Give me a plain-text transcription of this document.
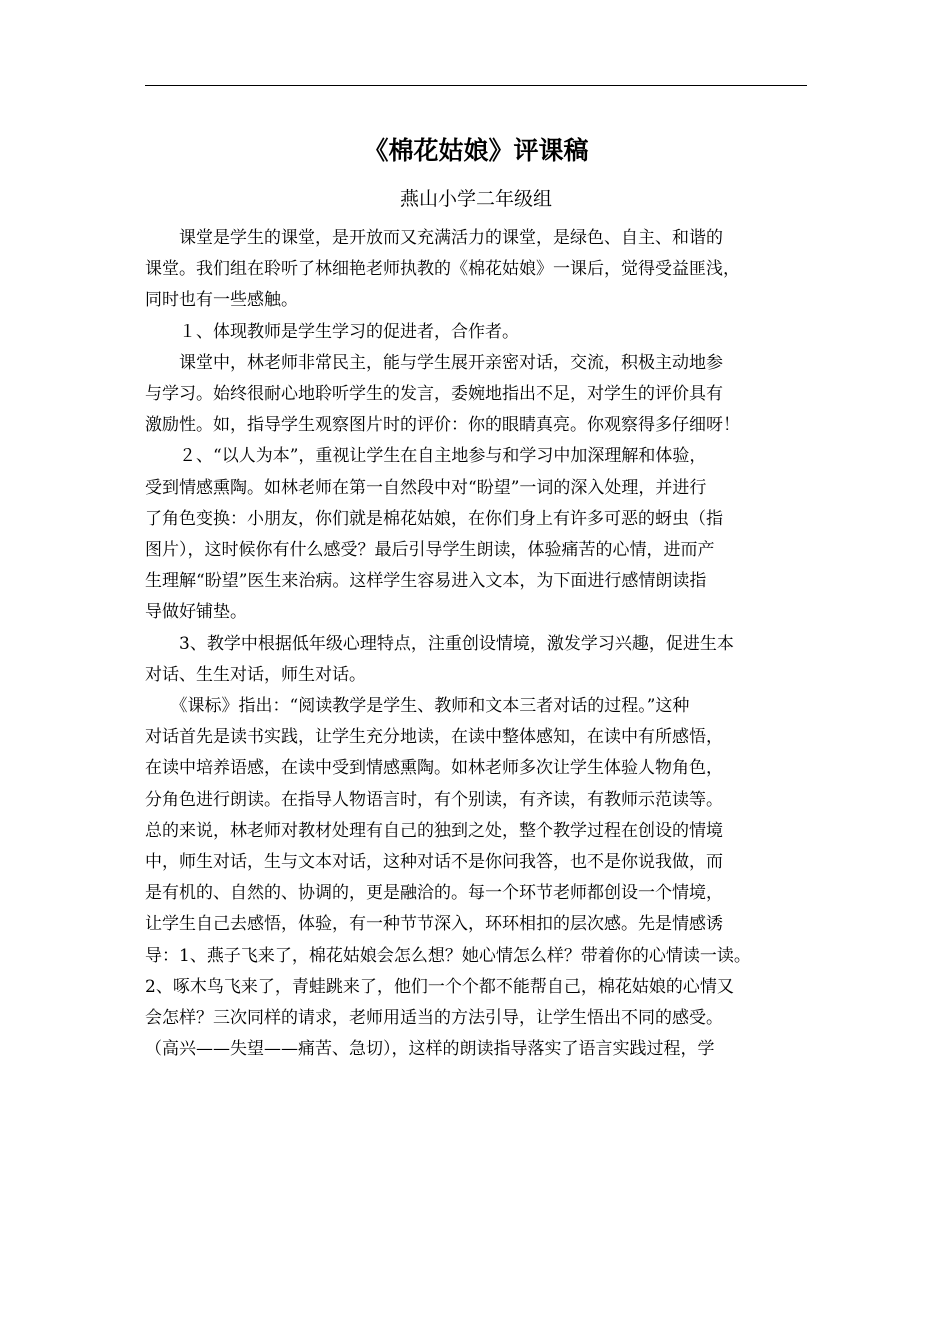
《棉花姑娘》评课稿
燕山小学二年级组

　　课堂是学生的课堂，是开放而又充满活力的课堂，是绿色、自主、和谐的

课堂。我们组在聆听了林细艳老师执教的《棉花姑娘》一课后，觉得受益匪浅，

同时也有一些感触。

　　１、体现教师是学生学习的促进者，合作者。

　　课堂中，林老师非常民主，能与学生展开亲密对话，交流，积极主动地参

与学习。始终很耐心地聆听学生的发言，委婉地指出不足，对学生的评价具有

激励性。如，指导学生观察图片时的评价：你的眼睛真亮。你观察得多仔细呀！

　　２、“以人为本”，重视让学生在自主地参与和学习中加深理解和体验，

受到情感熏陶。如林老师在第一自然段中对“盼望”一词的深入处理，并进行

了角色变换：小朋友，你们就是棉花姑娘，在你们身上有许多可恶的蚜虫（指

图片），这时候你有什么感受？最后引导学生朗读，体验痛苦的心情，进而产

生理解“盼望”医生来治病。这样学生容易进入文本，为下面进行感情朗读指

导做好铺垫。

　　3、教学中根据低年级心理特点，注重创设情境，激发学习兴趣，促进生本

对话、生生对话，师生对话。

　　《课标》指出：“阅读教学是学生、教师和文本三者对话的过程。”这种

对话首先是读书实践，让学生充分地读，在读中整体感知，在读中有所感悟，

在读中培养语感，在读中受到情感熏陶。如林老师多次让学生体验人物角色，

分角色进行朗读。在指导人物语言时，有个别读，有齐读，有教师示范读等。

总的来说，林老师对教材处理有自己的独到之处，整个教学过程在创设的情境

中，师生对话，生与文本对话，这种对话不是你问我答，也不是你说我做，而

是有机的、自然的、协调的，更是融洽的。每一个环节老师都创设一个情境，

让学生自己去感悟，体验，有一种节节深入，环环相扣的层次感。先是情感诱

导：1、燕子飞来了，棉花姑娘会怎么想？她心情怎么样？带着你的心情读一读。

2、啄木鸟飞来了，青蛙跳来了，他们一个个都不能帮自己，棉花姑娘的心情又

会怎样？三次同样的请求，老师用适当的方法引导，让学生悟出不同的感受。

（高兴——失望——痛苦、急切），这样的朗读指导落实了语言实践过程，学
